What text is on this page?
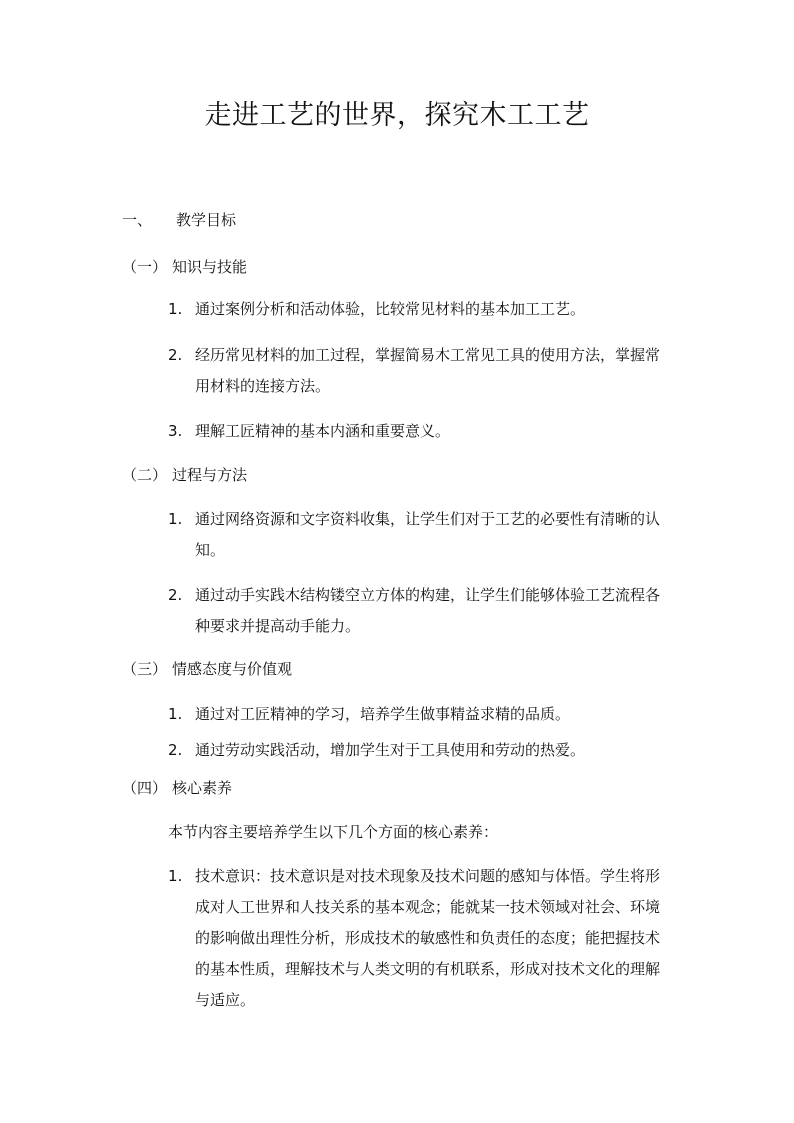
走进工艺的世界，探究木工工艺
一、 教学目标
（一） 知识与技能
1. 通过案例分析和活动体验，比较常见材料的基本加工工艺。
2. 经历常见材料的加工过程，掌握简易木工常见工具的使用方法，掌握常用材料的连接方法。
3. 理解工匠精神的基本内涵和重要意义。
（二） 过程与方法
1. 通过网络资源和文字资料收集，让学生们对于工艺的必要性有清晰的认知。
2. 通过动手实践木结构镂空立方体的构建，让学生们能够体验工艺流程各种要求并提高动手能力。
（三） 情感态度与价值观
1. 通过对工匠精神的学习，培养学生做事精益求精的品质。
2. 通过劳动实践活动，增加学生对于工具使用和劳动的热爱。
（四） 核心素养
本节内容主要培养学生以下几个方面的核心素养：
1. 技术意识：技术意识是对技术现象及技术问题的感知与体悟。学生将形成对人工世界和人技关系的基本观念；能就某一技术领域对社会、环境的影响做出理性分析，形成技术的敏感性和负责任的态度；能把握技术的基本性质，理解技术与人类文明的有机联系，形成对技术文化的理解与适应。
